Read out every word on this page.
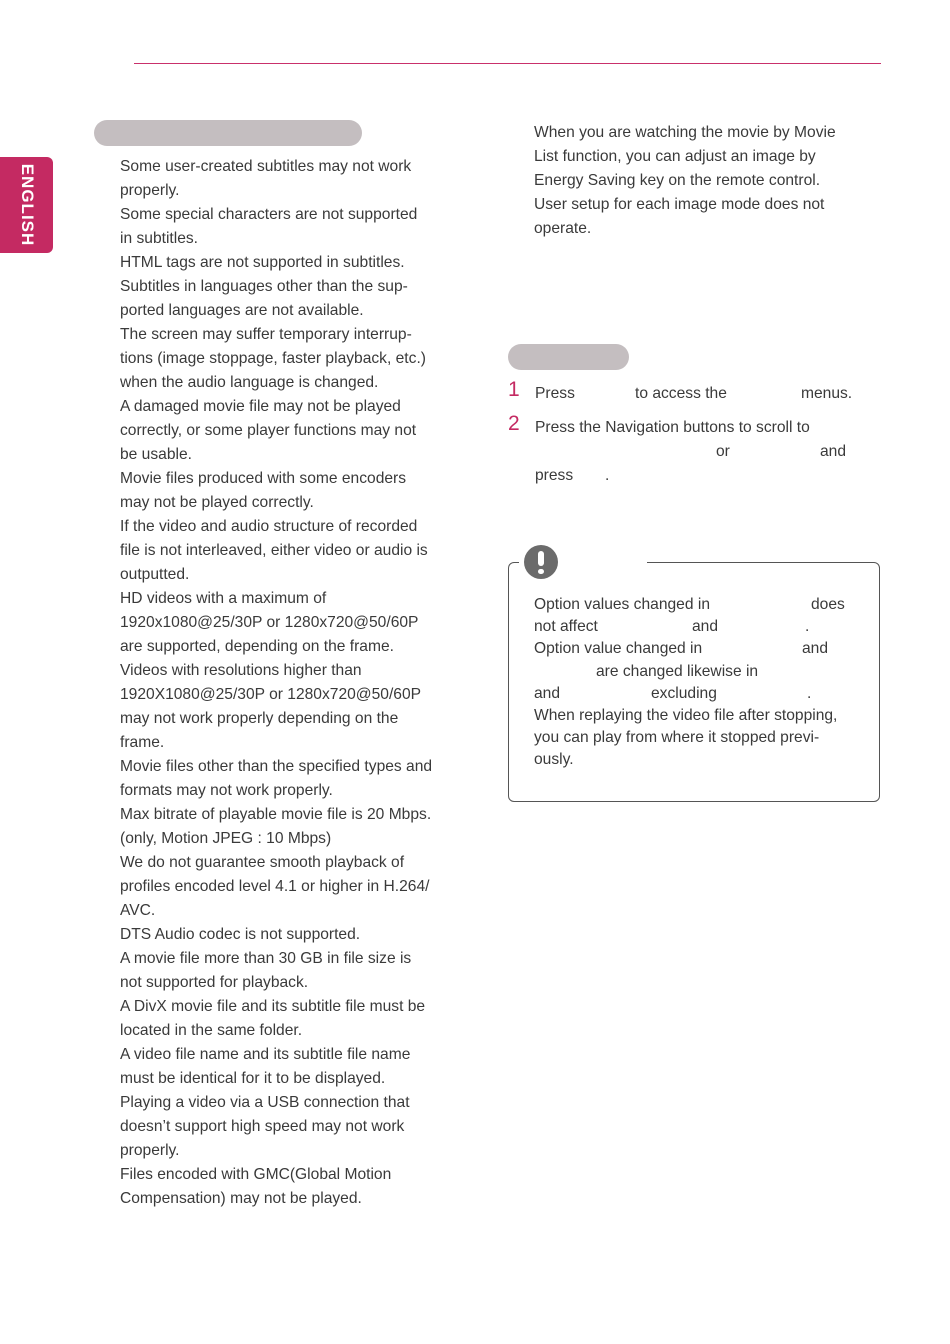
ENGLISH	Some user-created subtitles may not work
properly.
Some special characters are not supported
in subtitles.
HTML tags are not supported in subtitles.
Subtitles in languages other than the sup-
ported languages are not available.
The screen may suffer temporary interrup-
tions (image stoppage, faster playback, etc.)
when the audio language is changed.
A damaged movie file may not be played
correctly, or some player functions may not
be usable.
Movie files produced with some encoders
may not be played correctly.
If the video and audio structure of recorded
file is not interleaved, either video or audio is
outputted.
HD videos with a maximum of
1920x1080@25/30P or 1280x720@50/60P
are supported, depending on the frame.
Videos with resolutions higher than
1920X1080@25/30P or 1280x720@50/60P
may not work properly depending on the
frame.
Movie files other than the specified types and
formats may not work properly.
Max bitrate of playable movie file is 20 Mbps.
(only, Motion JPEG : 10 Mbps)
We do not guarantee smooth playback of
profiles encoded level 4.1 or higher in H.264/
AVC.
DTS Audio codec is not supported.
A movie file more than 30 GB in file size is
not supported for playback.
A DivX movie file and its subtitle file must be
located in the same folder.
A video file name and its subtitle file name
must be identical for it to be displayed.
Playing a video via a USB connection that
doesn’t support high speed may not work
properly.
Files encoded with GMC(Global Motion
Compensation) may not be played.
When you are watching the movie by Movie
List function, you can adjust an image by
Energy Saving key on the remote control.
User setup for each image mode does not
operate.
1 Press	to access the	menus.
2 Press the Navigation buttons to scroll to
or	and
press .
Option values changed in	does
not affect	and	.
Option value changed in	and
are changed likewise in
and	excluding	.
When replaying the video file after stopping,
you can play from where it stopped previ-
ously.
